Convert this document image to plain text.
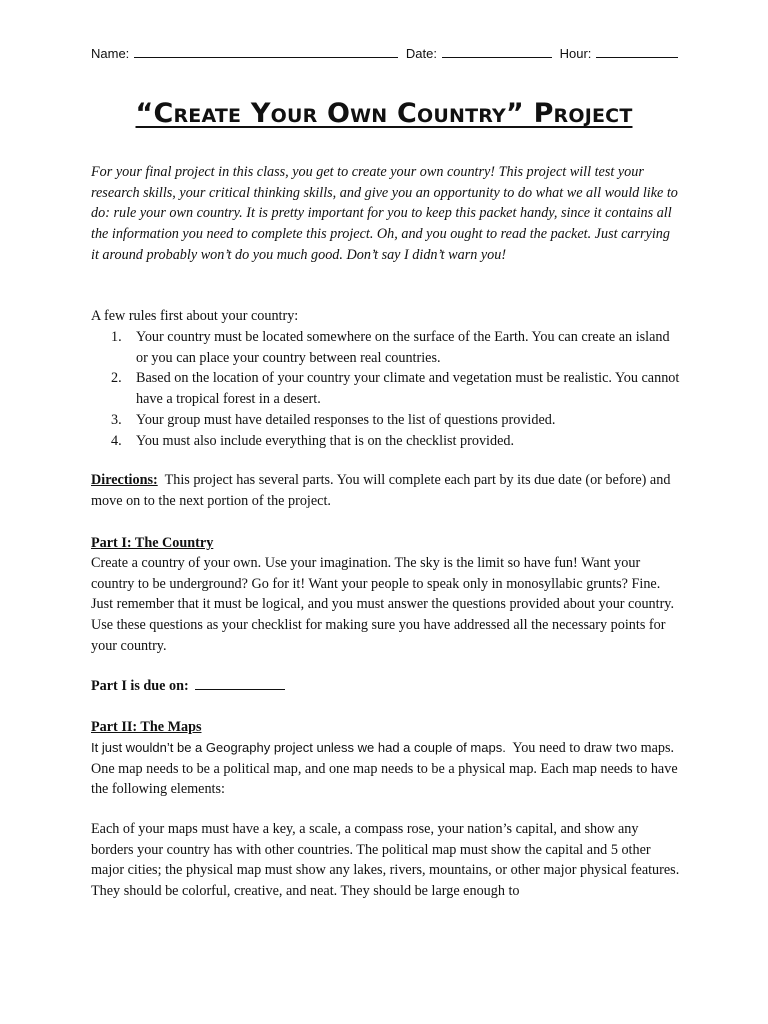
Name:	Date:	Hour:
“Create Your Own Country” Project
For your final project in this class, you get to create your own country! This project will test your research skills, your critical thinking skills, and give you an opportunity to do what we all would like to do: rule your own country. It is pretty important for you to keep this packet handy, since it contains all the information you need to complete this project. Oh, and you ought to read the packet. Just carrying it around probably won’t do you much good. Don’t say I didn’t warn you!
A few rules first about your country:
1. Your country must be located somewhere on the surface of the Earth. You can create an island or you can place your country between real countries.
2. Based on the location of your country your climate and vegetation must be realistic. You cannot have a tropical forest in a desert.
3. Your group must have detailed responses to the list of questions provided.
4. You must also include everything that is on the checklist provided.
Directions: This project has several parts. You will complete each part by its due date (or before) and move on to the next portion of the project.
Part I: The Country
Create a country of your own. Use your imagination. The sky is the limit so have fun! Want your country to be underground? Go for it! Want your people to speak only in monosyllabic grunts? Fine. Just remember that it must be logical, and you must answer the questions provided about your country. Use these questions as your checklist for making sure you have addressed all the necessary points for your country.
Part I is due on:
Part II: The Maps
It just wouldn’t be a Geography project unless we had a couple of maps. You need to draw two maps. One map needs to be a political map, and one map needs to be a physical map. Each map needs to have the following elements:
Each of your maps must have a key, a scale, a compass rose, your nation’s capital, and show any borders your country has with other countries. The political map must show the capital and 5 other major cities; the physical map must show any lakes, rivers, mountains, or other major physical features. They should be colorful, creative, and neat. They should be large enough to
